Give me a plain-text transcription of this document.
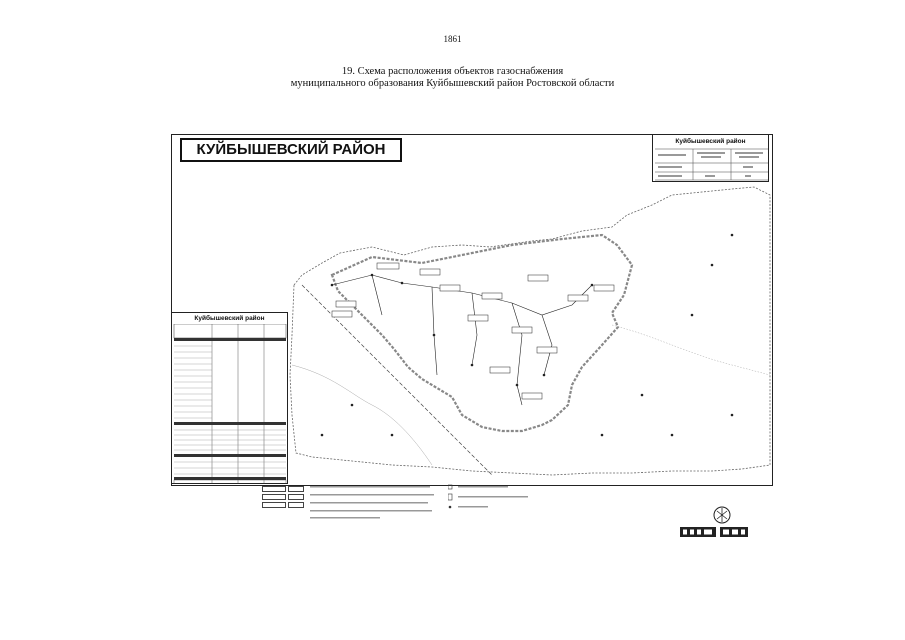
1861
19. Схема расположения объектов газоснабжения
муниципального образования Куйбышевский район Ростовской области
КУЙБЫШЕВСКИЙ РАЙОН	Куйбышевский район
Куйбышевский район
